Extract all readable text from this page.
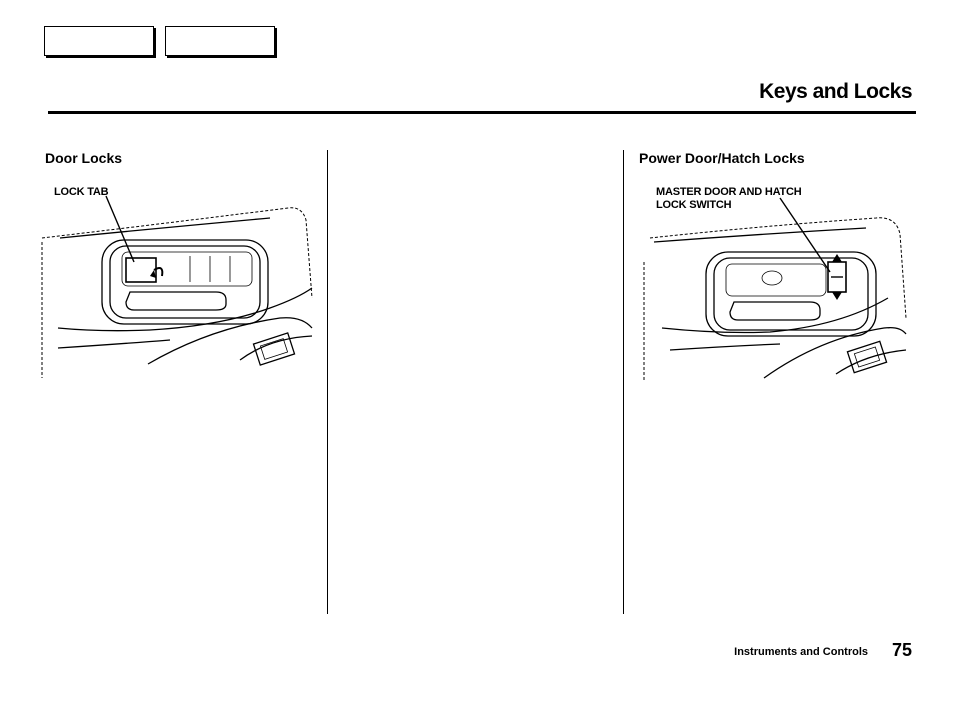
Keys and Locks
Door Locks	Power Door/Hatch Locks

LOCK TAB	MASTER DOOR AND HATCH
LOCK SWITCH

Instruments and Controls 75
